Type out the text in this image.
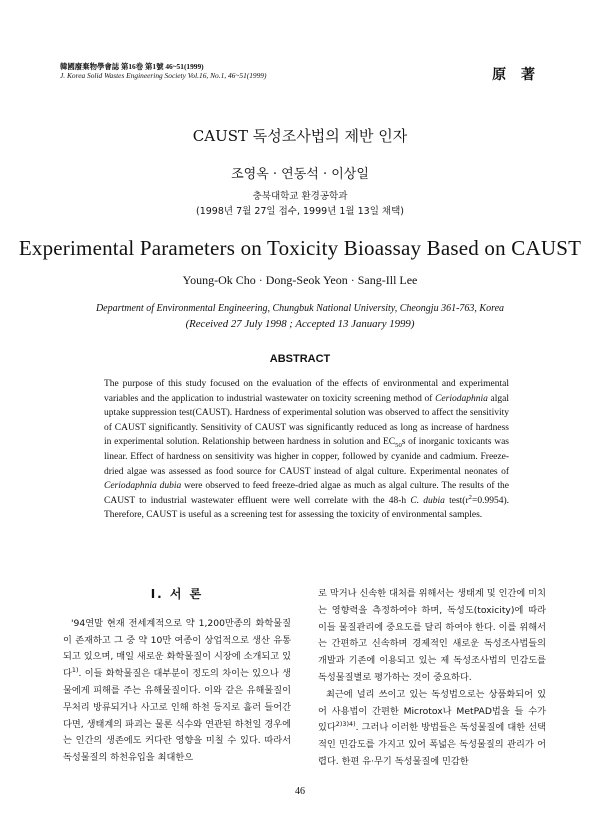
韓國廢棄物學會誌 第16卷 第1號 46~51(1999)
J. Korea Solid Wastes Engineering Society Vol.16, No.1, 46~51(1999)	原 著
CAUST 독성조사법의 제반 인자
조영옥 · 연동석 · 이상일
충북대학교 환경공학과
(1998년 7월 27일 접수, 1999년 1월 13일 채택)
Experimental Parameters on Toxicity Bioassay Based on CAUST
Young-Ok Cho · Dong-Seok Yeon · Sang-Ill Lee
Department of Environmental Engineering, Chungbuk National University, Cheongju 361-763, Korea
(Received 27 July 1998 ; Accepted 13 January 1999)
ABSTRACT
The purpose of this study focused on the evaluation of the effects of environmental and experimental variables and the application to industrial wastewater on toxicity screening method of Ceriodaphnia algal uptake suppression test(CAUST). Hardness of experimental solution was observed to affect the sensitivity of CAUST significantly. Sensitivity of CAUST was significantly reduced as long as increase of hardness in experimental solution. Relationship between hardness in solution and $EC_{50}s$ of inorganic toxicants was linear. Effect of hardness on sensitivity was higher in copper, followed by cyanide and cadmium. Freeze-dried algae was assessed as food source for CAUST instead of algal culture. Experimental neonates of Ceriodaphnia dubia were observed to feed freeze-dried algae as much as algal culture. The results of the CAUST to industrial wastewater effluent were well correlate with the 48-h C. dubia $test(r^2=0.9954)$. Therefore, CAUST is useful as a screening test for assessing the toxicity of environmental samples.
I. 서 론

'94연말 현재 전세계적으로 약 1,200만종의 화학물질이 존재하고 그 중 약 10만 여종이 상업적으로 생산 유통되고 있으며, 매일 새로운 화학물질이 시장에 소개되고 있다$^{1)}$. 이들 화학물질은 대부분이 정도의 차이는 있으나 생물에게 피해를 주는 유해물질이다. 이와 같은 유해물질이 무처리 방류되거나 사고로 인해 하천 등지로 흘러 들어간다면, 생태계의 파괴는 물론 식수와 연관된 하천일 경우에는 인간의 생존에도 커다란 영향을 미칠 수 있다. 따라서 독성물질의 하천유입을 최대한으

로 막거나 신속한 대처를 위해서는 생태계 및 인간에 미치는 영향력을 측정하여야 하며, 독성도(toxicity)에 따라 이들 물질관리에 중요도를 달리 하여야 한다. 이를 위해서는 간편하고 신속하며 경제적인 새로운 독성조사법들의 개발과 기존에 이용되고 있는 제 독성조사법의 민감도를 독성물질별로 평가하는 것이 중요하다.

최근에 널리 쓰이고 있는 독성법으로는 상품화되어 있어 사용법이 간편한 Microtox나 MetPAD법을 들 수가 있다$^{2)3)4)}$. 그러나 이러한 방법들은 독성물질에 대한 선택적인 민감도를 가지고 있어 폭넓은 독성물질의 관리가 어렵다. 한편 유·무기 독성물질에 민감한

46
